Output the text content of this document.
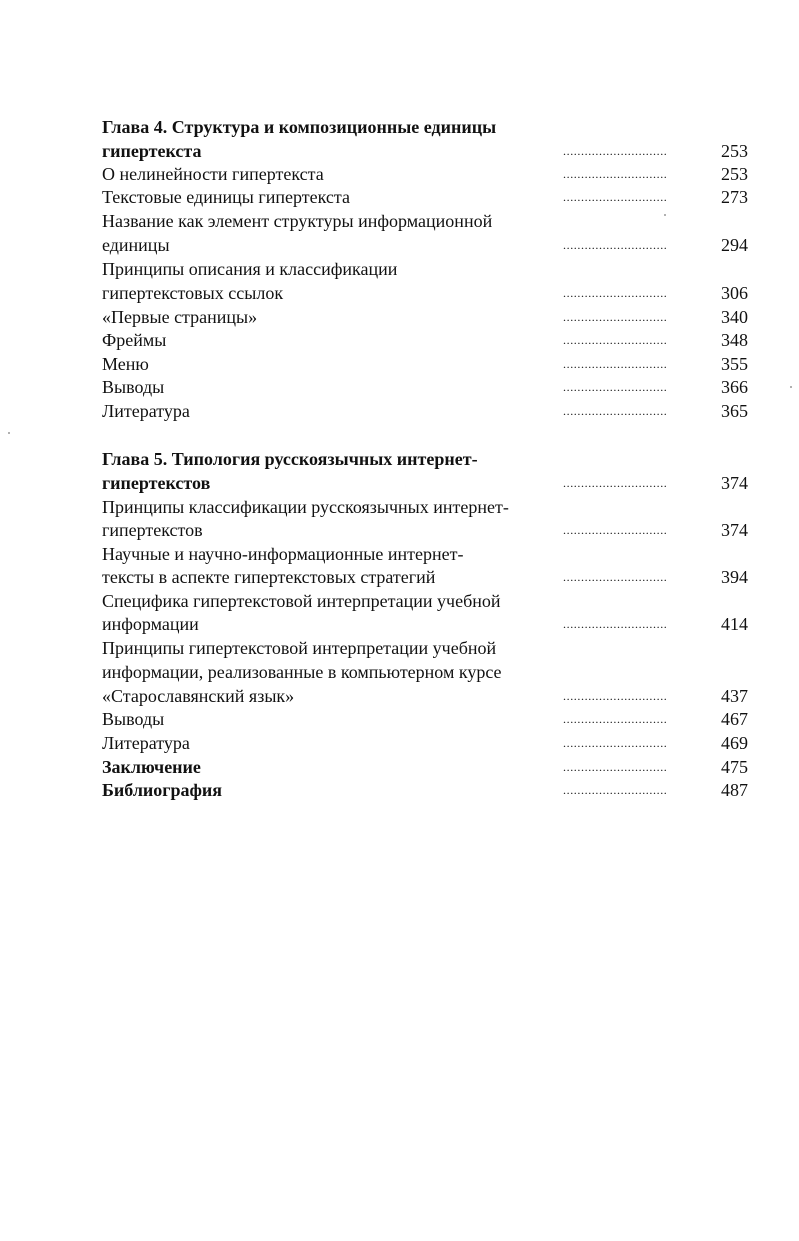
Глава 4. Структура и композиционные единицы
гипертекста	.............................	253
О нелинейности гипертекста	.............................	253
Текстовые единицы гипертекста	.............................	273
Название как элемент структуры информационной
единицы	.............................	294
Принципы описания и классификации
гипертекстовых ссылок	.............................	306
«Первые страницы»	.............................	340
Фреймы	.............................	348
Меню	.............................	355
Выводы	.............................	366
Литература	.............................	365
Глава 5. Типология русскоязычных интернет-
гипертекстов	.............................	374
Принципы классификации русскоязычных интернет-
гипертекстов	.............................	374
Научные и научно-информационные интернет-
тексты в аспекте гипертекстовых стратегий	.............................	394
Специфика гипертекстовой интерпретации учебной
информации	.............................	414
Принципы гипертекстовой интерпретации учебной
информации, реализованные в компьютерном курсе
«Старославянский язык»	.............................	437
Выводы	.............................	467
Литература	.............................	469
Заключение	.............................	475
Библиография	.............................	487
